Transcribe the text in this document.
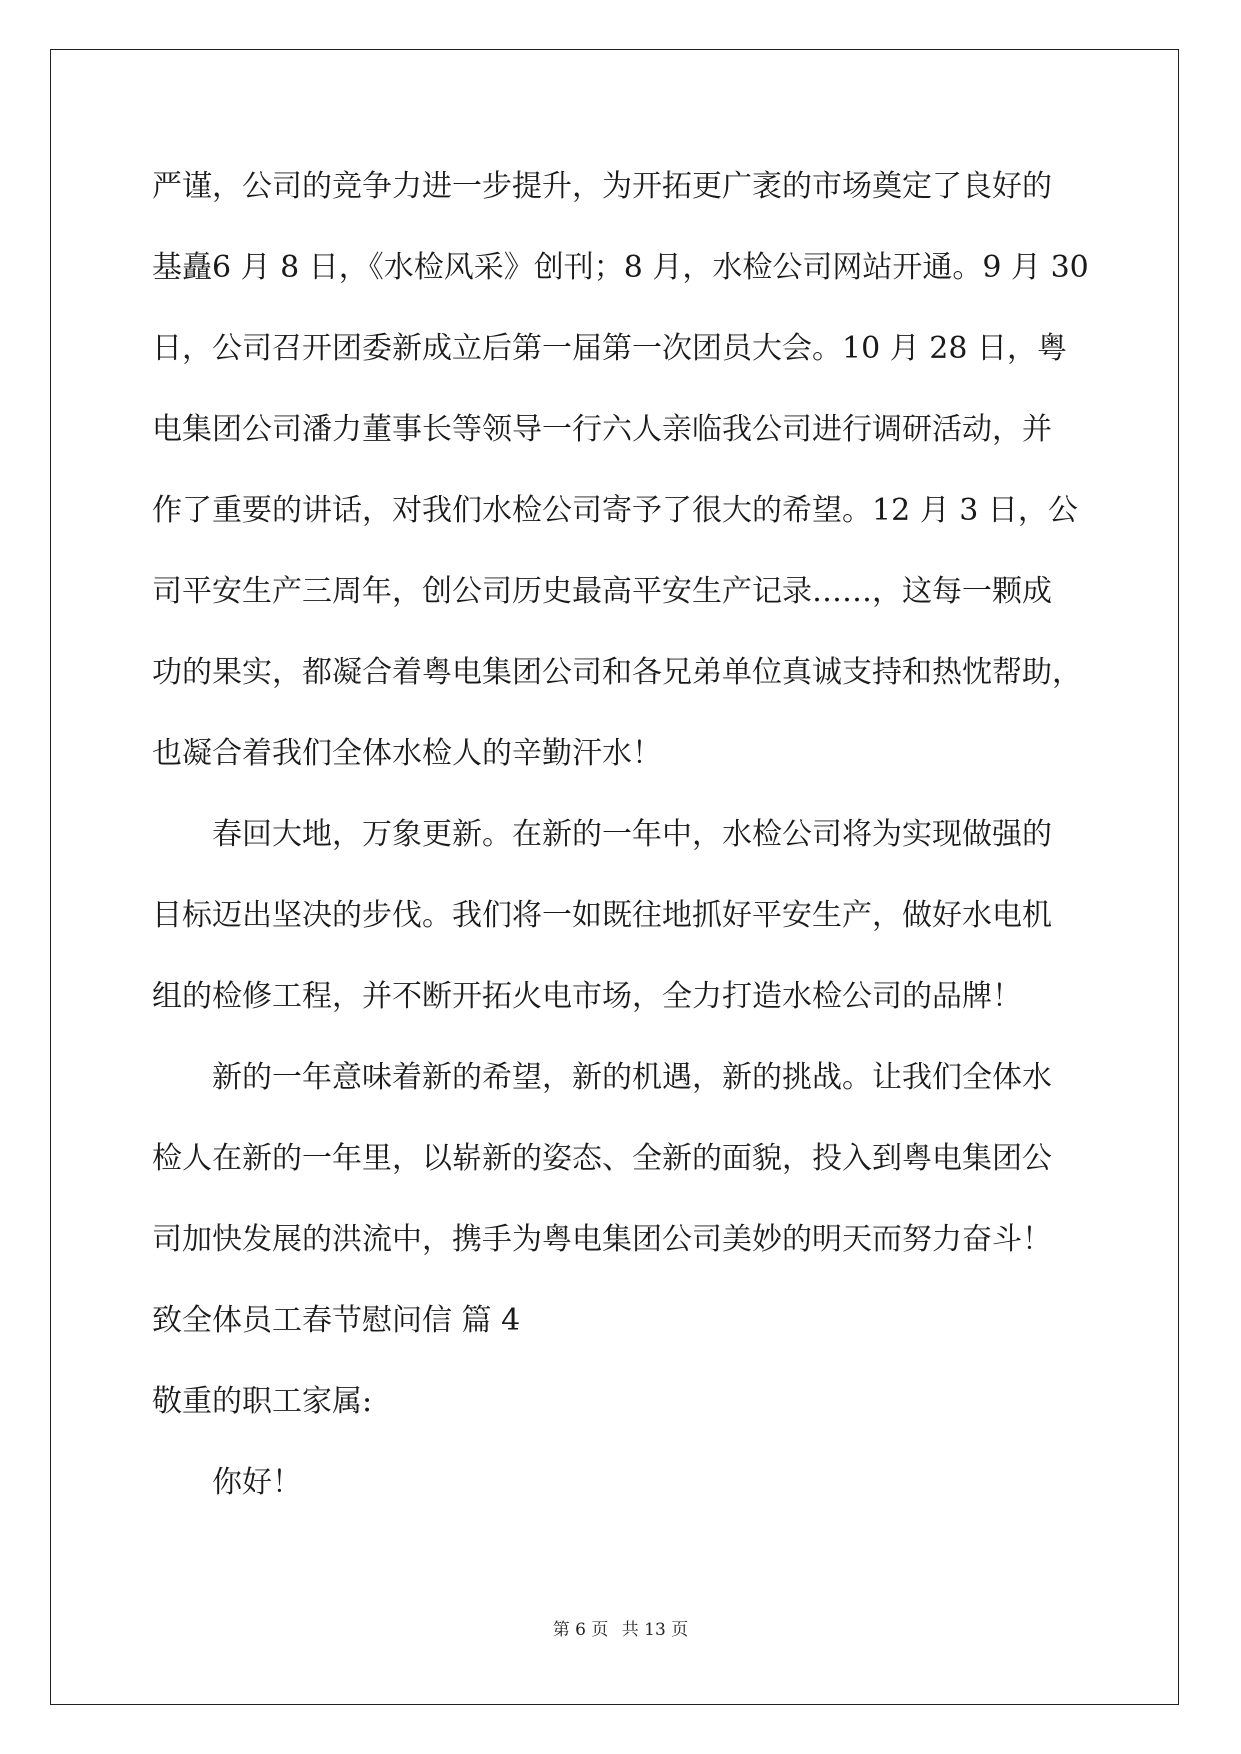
严谨，公司的竞争力进一步提升，为开拓更广袤的市场奠定了良好的
基矗6 月 8 日，《水检风采》创刊；8 月，水检公司网站开通。9 月 30
日，公司召开团委新成立后第一届第一次团员大会。10 月 28 日，粤
电集团公司潘力董事长等领导一行六人亲临我公司进行调研活动，并
作了重要的讲话，对我们水检公司寄予了很大的希望。12 月 3 日，公
司平安生产三周年，创公司历史最高平安生产记录……，这每一颗成
功的果实，都凝合着粤电集团公司和各兄弟单位真诚支持和热忱帮助，
也凝合着我们全体水检人的辛勤汗水！
　　春回大地，万象更新。在新的一年中，水检公司将为实现做强的
目标迈出坚决的步伐。我们将一如既往地抓好平安生产，做好水电机
组的检修工程，并不断开拓火电市场，全力打造水检公司的品牌！
　　新的一年意味着新的希望，新的机遇，新的挑战。让我们全体水
检人在新的一年里，以崭新的姿态、全新的面貌，投入到粤电集团公
司加快发展的洪流中，携手为粤电集团公司美妙的明天而努力奋斗！
致全体员工春节慰问信 篇 4
敬重的职工家属:
　　你好！
第 6 页 共 13 页
